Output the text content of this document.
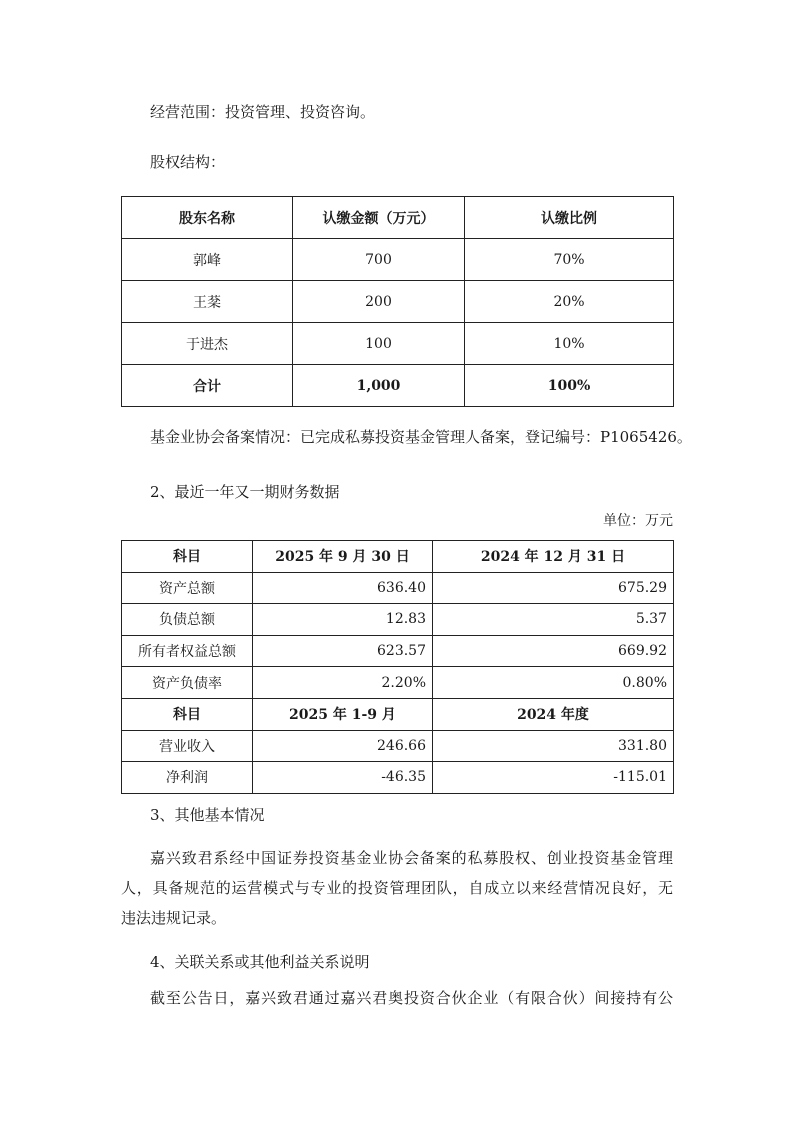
经营范围：投资管理、投资咨询。
股权结构：
股东名称	认缴金额（万元）	认缴比例
郭峰	700	70%
王棻	200	20%
于进杰	100	10%
合计	1,000	100%
基金业协会备案情况：已完成私募投资基金管理人备案，登记编号：P1065426。
2、最近一年又一期财务数据
单位：万元
科目	2025 年 9 月 30 日	2024 年 12 月 31 日
资产总额	636.40	675.29
负债总额	12.83	5.37
所有者权益总额	623.57	669.92
资产负债率	2.20%	0.80%
科目	2025 年 1-9 月	2024 年度
营业收入	246.66	331.80
净利润	-46.35	-115.01
3、其他基本情况
嘉兴致君系经中国证券投资基金业协会备案的私募股权、创业投资基金管理
人，具备规范的运营模式与专业的投资管理团队，自成立以来经营情况良好，无
违法违规记录。
4、关联关系或其他利益关系说明
截至公告日，嘉兴致君通过嘉兴君奥投资合伙企业（有限合伙）间接持有公
